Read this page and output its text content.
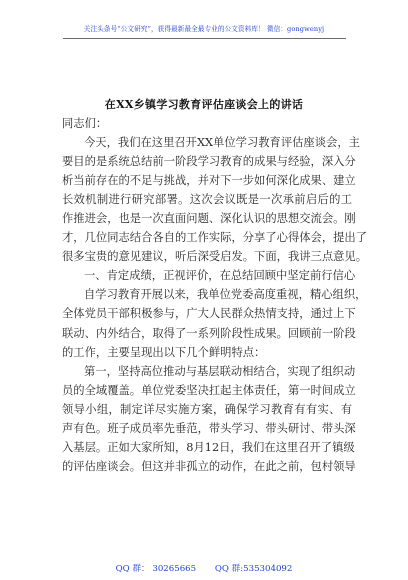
关注头条号“公文研究”，获得最新最全最专业的公文资料库！ 微信：gongwenyj
在XX乡镇学习教育评估座谈会上的讲话
同志们：
今天，我们在这里召开XX单位学习教育评估座谈会，主
要目的是系统总结前一阶段学习教育的成果与经验，深入分
析当前存在的不足与挑战，并对下一步如何深化成果、建立
长效机制进行研究部署。这次会议既是一次承前启后的工
作推进会，也是一次直面问题、深化认识的思想交流会。刚
才，几位同志结合各自的工作实际，分享了心得体会，提出了
很多宝贵的意见建议，听后深受启发。下面，我讲三点意见。
一、肯定成绩，正视评价，在总结回顾中坚定前行信心
自学习教育开展以来，我单位党委高度重视，精心组织，
全体党员干部积极参与，广大人民群众热情支持，通过上下
联动、内外结合，取得了一系列阶段性成果。回顾前一阶段
的工作，主要呈现出以下几个鲜明特点：
第一，坚持高位推动与基层联动相结合，实现了组织动
员的全域覆盖。单位党委坚决扛起主体责任，第一时间成立
领导小组，制定详尽实施方案，确保学习教育有有实、有
声有色。班子成员率先垂范，带头学习、带头研讨、带头深
入基层。正如大家所知，8月12日，我们在这里召开了镇级
的评估座谈会。但这并非孤立的动作，在此之前，包村领导
QQ 群： 30265665 QQ 群:535304092
